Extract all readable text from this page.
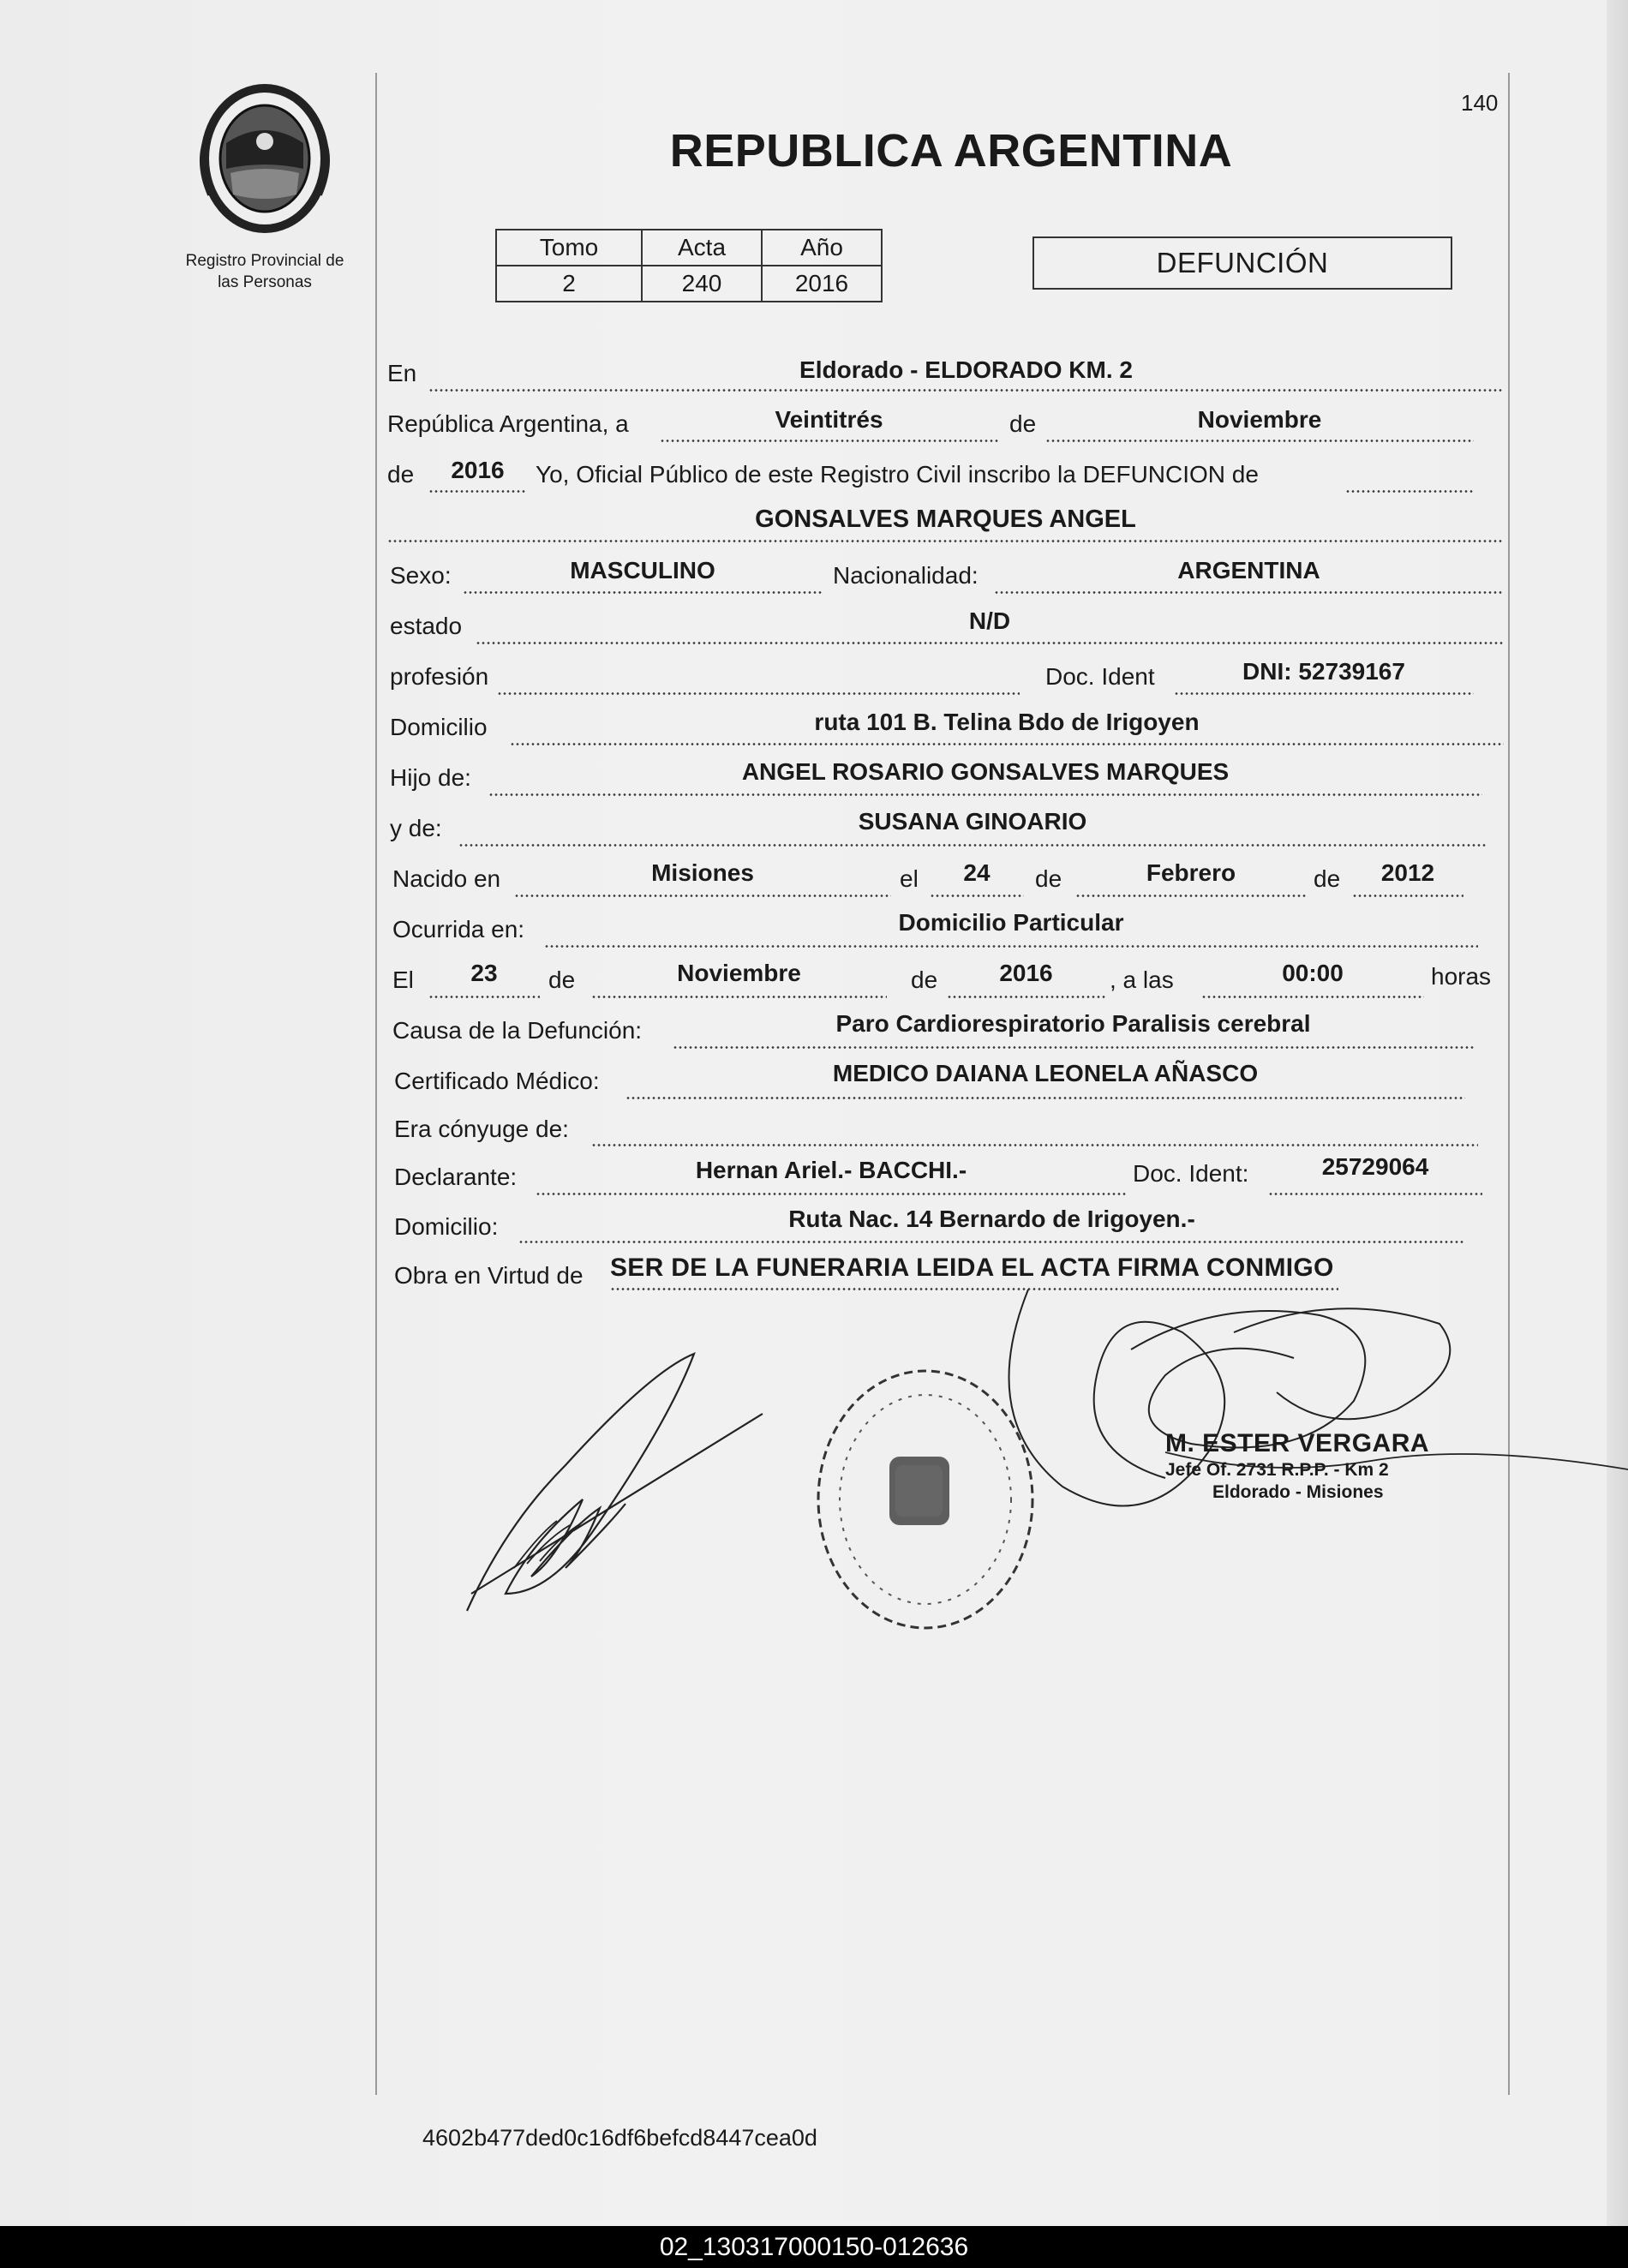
Registro Provincial de
las Personas
140
REPUBLICA ARGENTINA
Tomo	Acta	Año
2	240	2016
DEFUNCIÓN
En	Eldorado - ELDORADO KM. 2
República Argentina, a	Veintitrés	de	Noviembre
de	2016	Yo, Oficial Público de este Registro Civil inscribo la DEFUNCION de
GONSALVES MARQUES ANGEL
Sexo:	MASCULINO	Nacionalidad:	ARGENTINA
estado	N/D
profesión	Doc. Ident	DNI: 52739167
Domicilio	ruta 101 B. Telina Bdo de Irigoyen
Hijo de:	ANGEL ROSARIO GONSALVES MARQUES
y de:	SUSANA GINOARIO
Nacido en	Misiones	el	24	de	Febrero	de	2012
Ocurrida en:	Domicilio Particular
El	23	de	Noviembre	de	2016	, a las	00:00	horas
Causa de la Defunción:	Paro Cardiorespiratorio Paralisis cerebral
Certificado Médico:	MEDICO DAIANA LEONELA AÑASCO
Era cónyuge de:
Declarante:	Hernan Ariel.- BACCHI.-	Doc. Ident:	25729064
Domicilio:	Ruta Nac. 14 Bernardo de Irigoyen.-
Obra en Virtud de SER DE LA FUNERARIA LEIDA EL ACTA FIRMA CONMIGO
M. ESTER VERGARA
Jefe Of. 2731 R.P.P. - Km 2
Eldorado - Misiones
4602b477ded0c16df6befcd8447cea0d
02_130317000150-012636
